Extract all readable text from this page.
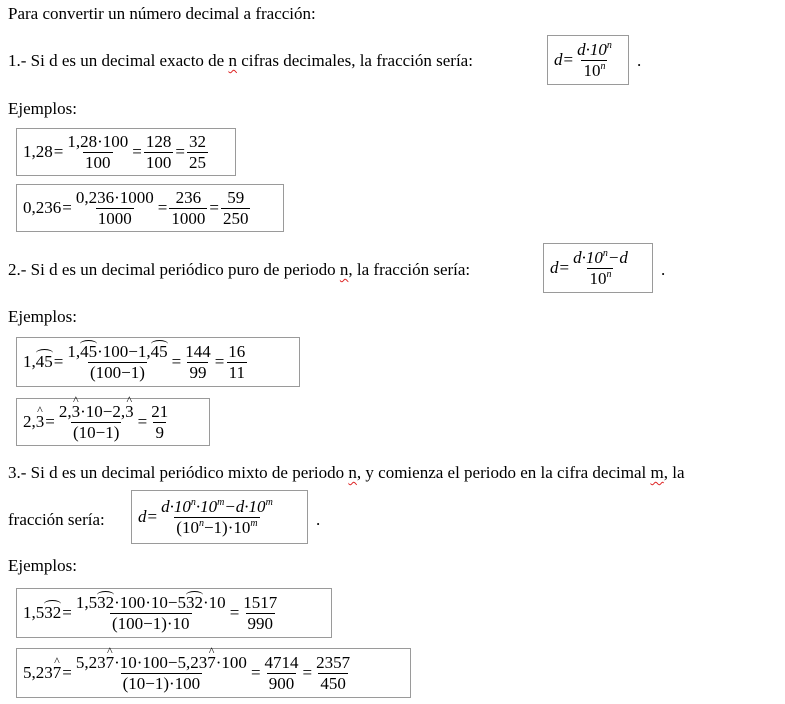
Para convertir un número decimal a fracción:
1.- Si d es un decimal exacto de n cifras decimales, la fracción sería:	$d = \frac{d\cdot 10^n}{10^n}$ .
Ejemplos:
$1,28 = \frac{1,28\cdot 100}{100} = \frac{128}{100} = \frac{32}{25}$
$0,236 = \frac{0,236\cdot 1000}{1000} = \frac{236}{1000} = \frac{59}{250}$
2.- Si d es un decimal periódico puro de periodo n, la fracción sería:	$d = \frac{d\cdot 10^n-d}{10^n}$ .
Ejemplos:
1 , $45 = \frac{1,45\cdot 100-1,45}{(100-1)} = \frac{144}{99} = \frac{16}{11}$
2 , ^ $3 = \frac{2,\^{} 3\cdot 10-2,\^{} 3}{(10-1)} = \frac{21}{9}$
3.- Si d es un decimal periódico mixto de periodo n, y comienza el periodo en la cifra decimal m, la
fracción sería: $d = \frac{d\cdot 10^n\cdot 10^m-d\cdot 10^m}{(10^n-1)\cdot 10^m}$ .
Ejemplos:
1,5 $32 = \frac{1,532\cdot 100\cdot 10-532\cdot 10}{(100-1)\cdot 10} = \frac{1517}{990}$
5,23 ^ $7 = \frac{5,23\^{} 7\cdot 10\cdot 100-5,23\^{} 7\cdot 100}{(10-1)\cdot 100} = \frac{4714}{900} = \frac{2357}{450}$
